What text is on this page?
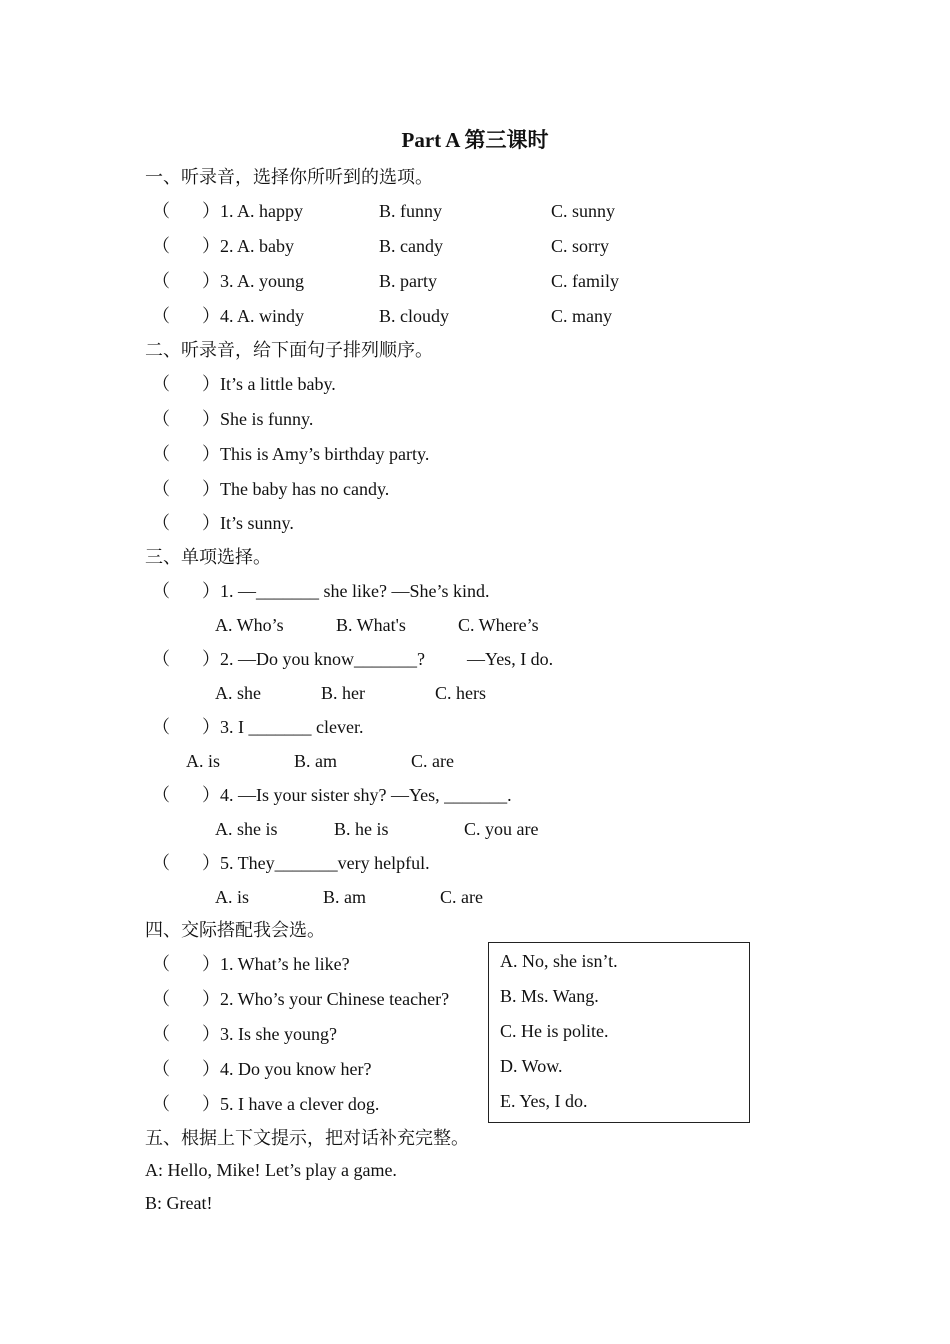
Part A 第三课时
一、听录音，选择你所听到的选项。
（ ） 1. A. happy	B. funny	C. sunny
（ ） 2. A. baby	B. candy	C. sorry
（ ） 3. A. young	B. party	C. family
（ ） 4. A. windy	B. cloudy	C. many
二、听录音，给下面句子排列顺序。
（ ） It’s a little baby.
（ ） She is funny.
（ ） This is Amy’s birthday party.
（ ） The baby has no candy.
（ ） It’s sunny.
三、单项选择。
（ ） 1. —_______ she like? —She’s kind.
A. Who’s	B. What's	C. Where’s
（ ） 2. —Do you know_______? —Yes, I do.
A. she	B. her	C. hers
（ ） 3. I _______ clever.
A. is	B. am	C. are
（ ） 4. —Is your sister shy? —Yes, _______.
A. she is	B. he is	C. you are
（ ） 5. They_______very helpful.
A. is	B. am	C. are
四、交际搭配我会选。
（ ） 1. What’s he like?
（ ） 2. Who’s your Chinese teacher?
（ ） 3. Is she young?
（ ） 4. Do you know her?
（ ） 5. I have a clever dog.
A. No, she isn’t.
B. Ms. Wang.
C. He is polite.
D. Wow.
E. Yes, I do.
五、根据上下文提示，把对话补充完整。
A: Hello, Mike! Let’s play a game.
B: Great!
